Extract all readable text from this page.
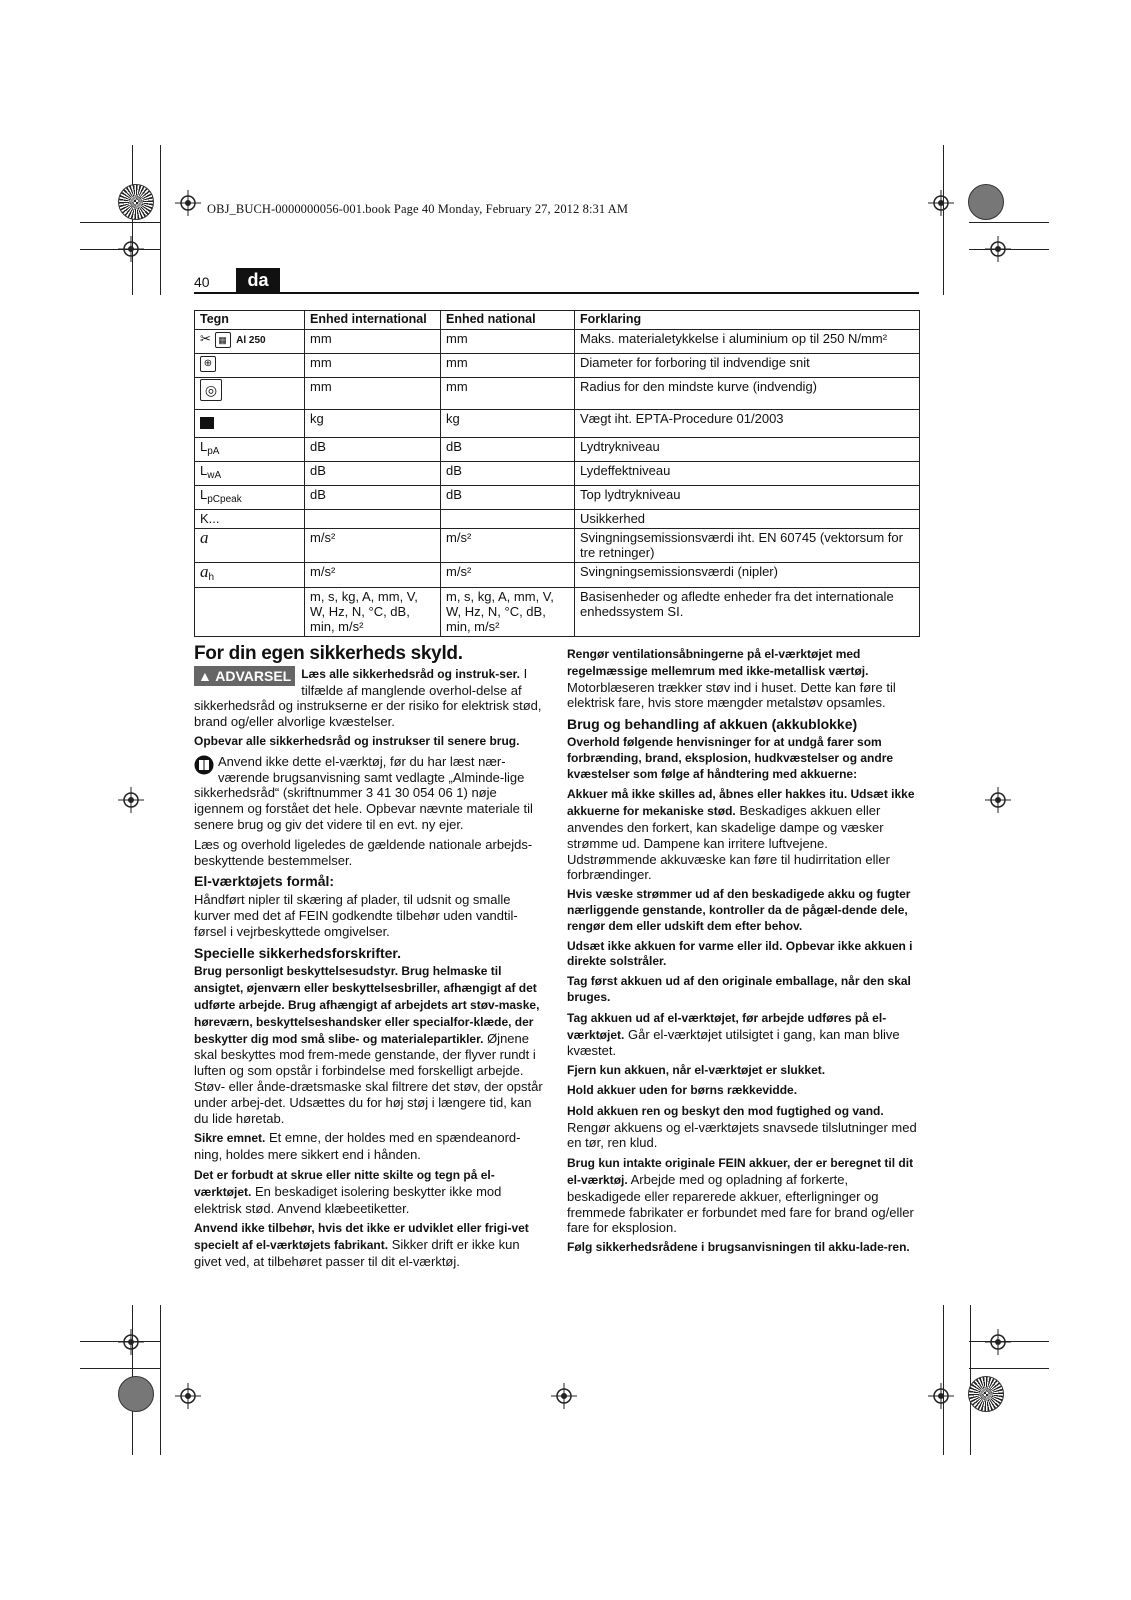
OBJ_BUCH-0000000056-001.book Page 40 Monday, February 27, 2012 8:31 AM
40	da
Tegn	Enhed international	Enhed national	Forklaring
✂ ▦ Al 250	mm	mm	Maks. materialetykkelse i aluminium op til 250 N/mm²
⊕	mm	mm	Diameter for forboring til indvendige snit
◎	mm	mm	Radius for den mindste kurve (indvendig)
	kg	kg	Vægt iht. EPTA-Procedure 01/2003
$L_{pA}$	dB	dB	Lydtrykniveau
$L_{wA}$	dB	dB	Lydeffektniveau
$L_{pCpeak}$	dB	dB	Top lydtrykniveau
K...			Usikkerhed
a	m/s²	m/s²	Svingningsemissionsværdi iht. EN 60745 (vektorsum for tre retninger)
$a_h$	m/s²	m/s²	Svingningsemissionsværdi (nipler)
	m, s, kg, A, mm, V, W, Hz, N, °C, dB, min, m/s²	m, s, kg, A, mm, V, W, Hz, N, °C, dB, min, m/s²	Basisenheder og afledte enheder fra det internationale enhedssystem SI.
For din egen sikkerheds skyld.

▲ ADVARSEL Læs alle sikkerhedsråd og instruk-ser. I tilfælde af manglende overhol-delse af sikkerhedsråd og instrukserne er der risiko for elektrisk stød, brand og/eller alvorlige kvæstelser.

Opbevar alle sikkerhedsråd og instrukser til senere brug.

Anvend ikke dette el-værktøj, før du har læst nær-værende brugsanvisning samt vedlagte „Alminde-lige sikkerhedsråd“ (skriftnummer 3 41 30 054 06 1) nøje igennem og forstået det hele. Opbevar nævnte materiale til senere brug og giv det videre til en evt. ny ejer.

Læs og overhold ligeledes de gældende nationale arbejds-beskyttende bestemmelser.

El-værktøjets formål:

Håndført nipler til skæring af plader, til udsnit og smalle kurver med det af FEIN godkendte tilbehør uden vandtil-førsel i vejrbeskyttede omgivelser.

Specielle sikkerhedsforskrifter.

Brug personligt beskyttelsesudstyr. Brug helmaske til ansigtet, øjenværn eller beskyttelsesbriller, afhængigt af det udførte arbejde. Brug afhængigt af arbejdets art støv-maske, høreværn, beskyttelseshandsker eller specialfor-klæde, der beskytter dig mod små slibe- og materialepartikler. Øjnene skal beskyttes mod frem-mede genstande, der flyver rundt i luften og som opstår i forbindelse med forskelligt arbejde. Støv- eller ånde-drætsmaske skal filtrere det støv, der opstår under arbej-det. Udsættes du for høj støj i længere tid, kan du lide høretab.

Sikre emnet. Et emne, der holdes med en spændeanord-ning, holdes mere sikkert end i hånden.

Det er forbudt at skrue eller nitte skilte og tegn på el-værktøjet. En beskadiget isolering beskytter ikke mod elektrisk stød. Anvend klæbeetiketter.

Anvend ikke tilbehør, hvis det ikke er udviklet eller frigi-vet specielt af el-værktøjets fabrikant. Sikker drift er ikke kun givet ved, at tilbehøret passer til dit el-værktøj.

Rengør ventilationsåbningerne på el-værktøjet med regelmæssige mellemrum med ikke-metallisk værtøj. Motorblæseren trækker støv ind i huset. Dette kan føre til elektrisk fare, hvis store mængder metalstøv opsamles.

Brug og behandling af akkuen (akkublokke)

Overhold følgende henvisninger for at undgå farer som forbrænding, brand, eksplosion, hudkvæstelser og andre kvæstelser som følge af håndtering med akkuerne:

Akkuer må ikke skilles ad, åbnes eller hakkes itu. Udsæt ikke akkuerne for mekaniske stød. Beskadiges akkuen eller anvendes den forkert, kan skadelige dampe og væsker strømme ud. Dampene kan irritere luftvejene. Udstrømmende akkuvæske kan føre til hudirritation eller forbrændinger.

Hvis væske strømmer ud af den beskadigede akku og fugter nærliggende genstande, kontroller da de pågæl-dende dele, rengør dem eller udskift dem efter behov.

Udsæt ikke akkuen for varme eller ild. Opbevar ikke akkuen i direkte solstråler.

Tag først akkuen ud af den originale emballage, når den skal bruges.

Tag akkuen ud af el-værktøjet, før arbejde udføres på el-værktøjet. Går el-værktøjet utilsigtet i gang, kan man blive kvæstet.

Fjern kun akkuen, når el-værktøjet er slukket.

Hold akkuer uden for børns rækkevidde.

Hold akkuen ren og beskyt den mod fugtighed og vand. Rengør akkuens og el-værktøjets snavsede tilslutninger med en tør, ren klud.

Brug kun intakte originale FEIN akkuer, der er beregnet til dit el-værktøj. Arbejde med og opladning af forkerte, beskadigede eller reparerede akkuer, efterligninger og fremmede fabrikater er forbundet med fare for brand og/eller fare for eksplosion.

Følg sikkerhedsrådene i brugsanvisningen til akku-lade-ren.
